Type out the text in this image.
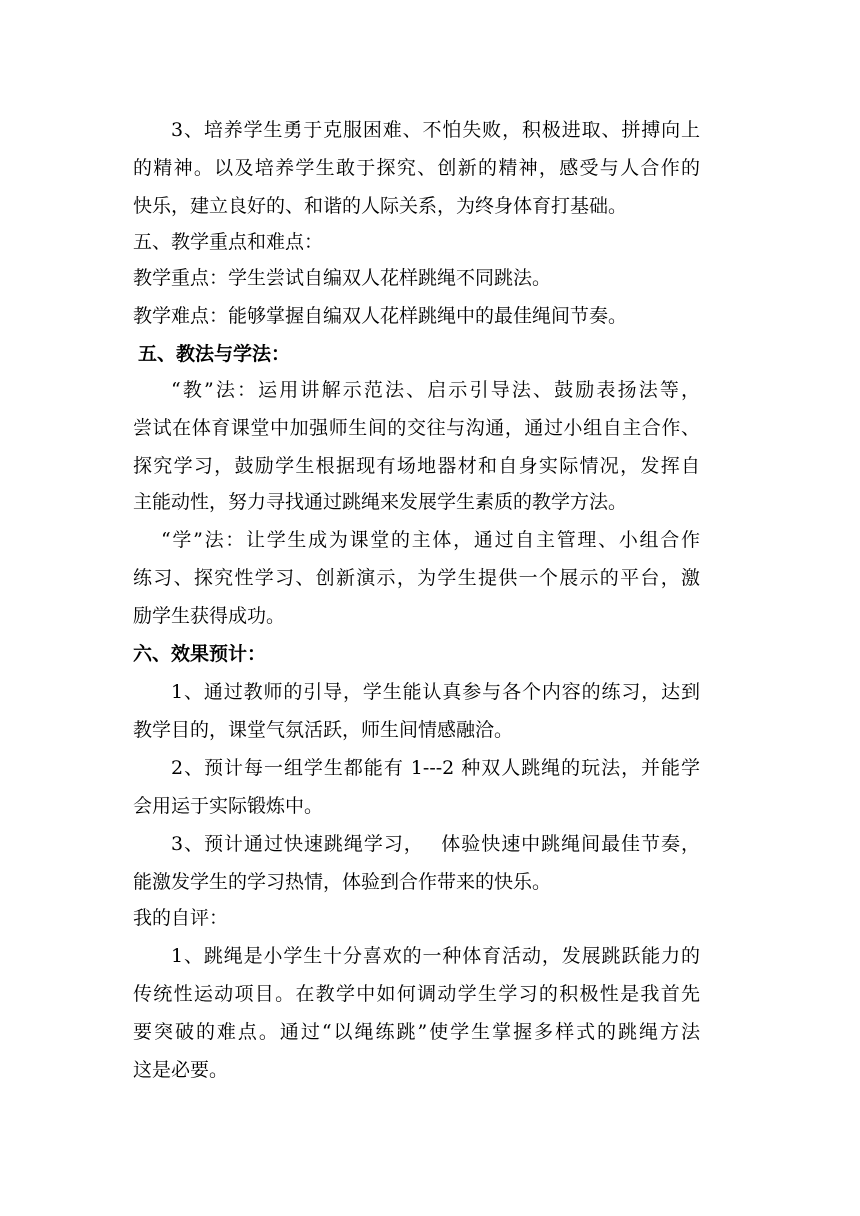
3、培养学生勇于克服困难、不怕失败，积极进取、拼搏向上
的精神。以及培养学生敢于探究、创新的精神，感受与人合作的
快乐，建立良好的、和谐的人际关系，为终身体育打基础。
五、教学重点和难点：
教学重点：学生尝试自编双人花样跳绳不同跳法。
教学难点：能够掌握自编双人花样跳绳中的最佳绳间节奏。
五、教法与学法：
“教”法：运用讲解示范法、启示引导法、鼓励表扬法等，
尝试在体育课堂中加强师生间的交往与沟通，通过小组自主合作、
探究学习，鼓励学生根据现有场地器材和自身实际情况，发挥自
主能动性，努力寻找通过跳绳来发展学生素质的教学方法。
“学”法：让学生成为课堂的主体，通过自主管理、小组合作
练习、探究性学习、创新演示，为学生提供一个展示的平台，激
励学生获得成功。
六、效果预计：
1、通过教师的引导，学生能认真参与各个内容的练习，达到
教学目的，课堂气氛活跃，师生间情感融洽。
2、预计每一组学生都能有 1---2 种双人跳绳的玩法，并能学
会用运于实际锻炼中。
3、预计通过快速跳绳学习，　 体验快速中跳绳间最佳节奏，
能激发学生的学习热情，体验到合作带来的快乐。
我的自评：
1、跳绳是小学生十分喜欢的一种体育活动，发展跳跃能力的
传统性运动项目。在教学中如何调动学生学习的积极性是我首先
要突破的难点。通过“以绳练跳”使学生掌握多样式的跳绳方法
这是必要。
